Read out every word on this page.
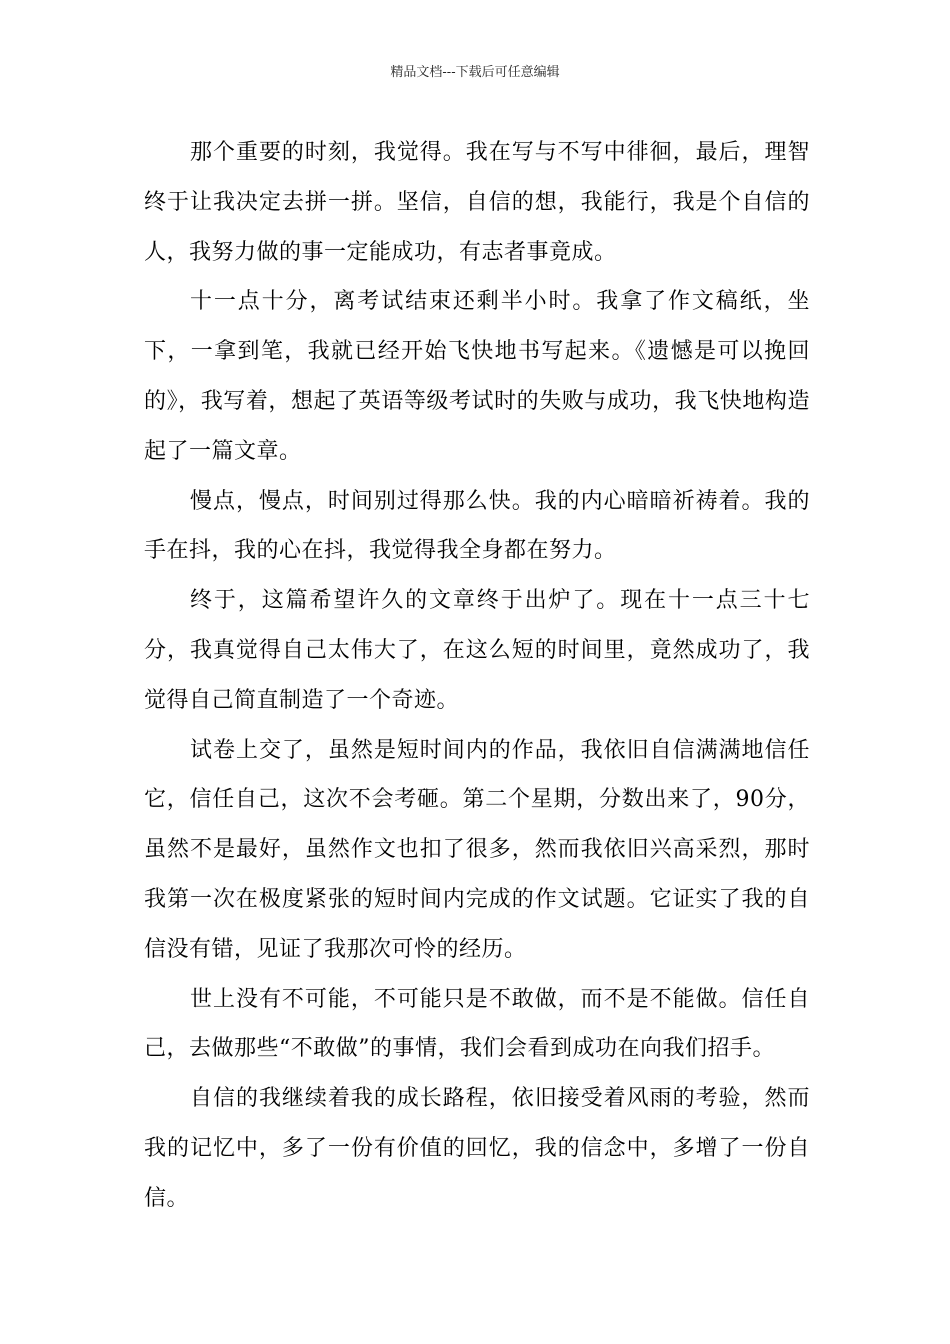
精品文档---下载后可任意编辑

那个重要的时刻，我觉得。我在写与不写中徘徊，最后，理智终于让我决定去拼一拼。坚信，自信的想，我能行，我是个自信的人，我努力做的事一定能成功，有志者事竟成。

十一点十分，离考试结束还剩半小时。我拿了作文稿纸，坐下，一拿到笔，我就已经开始飞快地书写起来。《遗憾是可以挽回的》，我写着，想起了英语等级考试时的失败与成功，我飞快地构造起了一篇文章。

慢点，慢点，时间别过得那么快。我的内心暗暗祈祷着。我的手在抖，我的心在抖，我觉得我全身都在努力。

终于，这篇希望许久的文章终于出炉了。现在十一点三十七分，我真觉得自己太伟大了，在这么短的时间里，竟然成功了，我觉得自己简直制造了一个奇迹。

试卷上交了，虽然是短时间内的作品，我依旧自信满满地信任它，信任自己，这次不会考砸。第二个星期，分数出来了，90分，虽然不是最好，虽然作文也扣了很多，然而我依旧兴高采烈，那时我第一次在极度紧张的短时间内完成的作文试题。它证实了我的自信没有错，见证了我那次可怜的经历。

世上没有不可能，不可能只是不敢做，而不是不能做。信任自己，去做那些“不敢做”的事情，我们会看到成功在向我们招手。

自信的我继续着我的成长路程，依旧接受着风雨的考验，然而我的记忆中，多了一份有价值的回忆，我的信念中，多增了一份自信。
